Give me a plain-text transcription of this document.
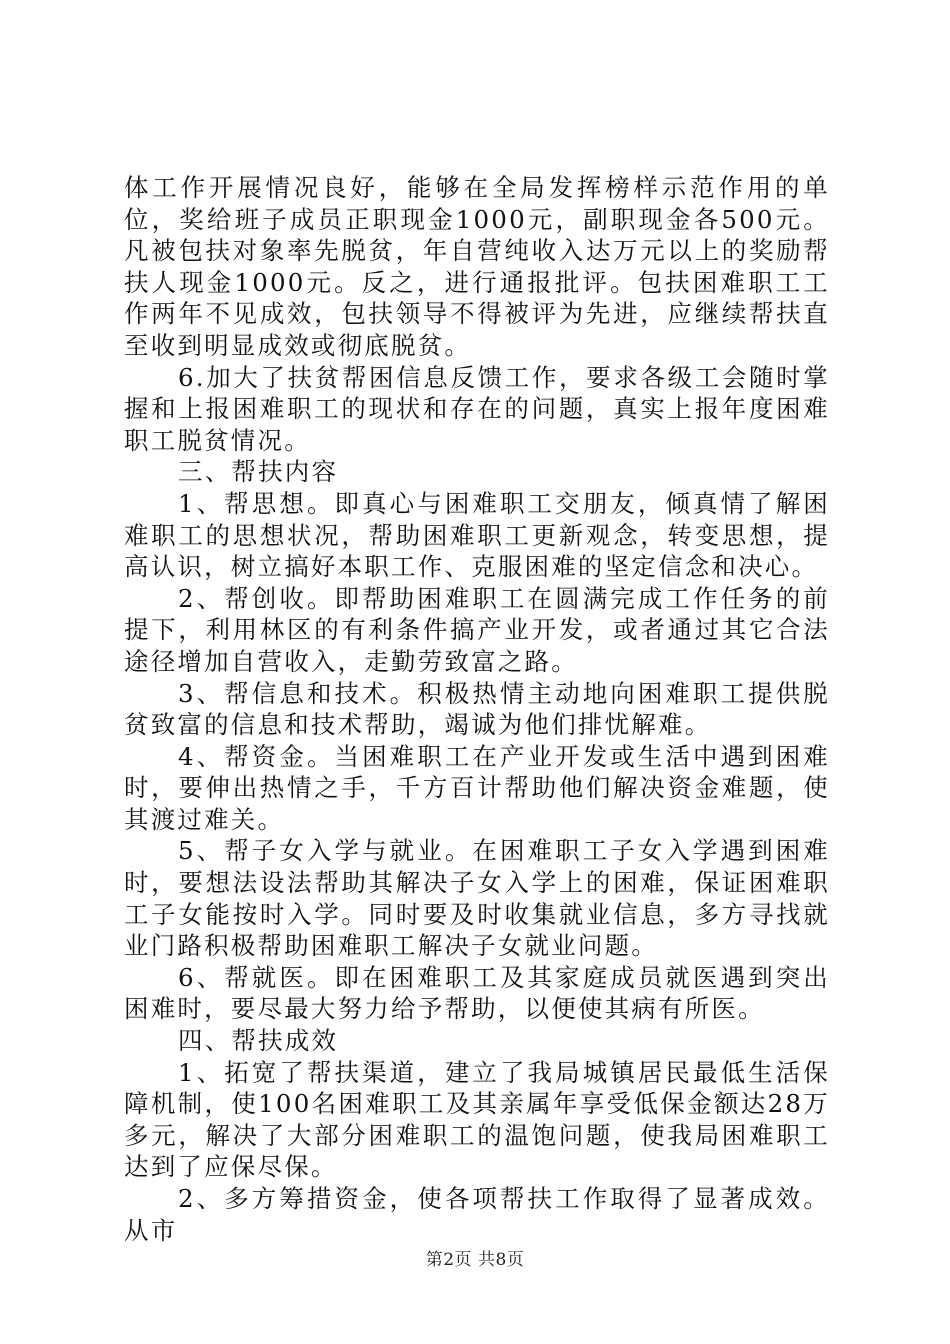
体工作开展情况良好，能够在全局发挥榜样示范作用的单位，奖给班子成员正职现金1000元，副职现金各500元。凡被包扶对象率先脱贫，年自营纯收入达万元以上的奖励帮扶人现金1000元。反之，进行通报批评。包扶困难职工工作两年不见成效，包扶领导不得被评为先进，应继续帮扶直至收到明显成效或彻底脱贫。

6.加大了扶贫帮困信息反馈工作，要求各级工会随时掌握和上报困难职工的现状和存在的问题，真实上报年度困难职工脱贫情况。

三、帮扶内容

1、帮思想。即真心与困难职工交朋友，倾真情了解困难职工的思想状况，帮助困难职工更新观念，转变思想，提高认识，树立搞好本职工作、克服困难的坚定信念和决心。

2、帮创收。即帮助困难职工在圆满完成工作任务的前提下，利用林区的有利条件搞产业开发，或者通过其它合法途径增加自营收入，走勤劳致富之路。

3、帮信息和技术。积极热情主动地向困难职工提供脱贫致富的信息和技术帮助，竭诚为他们排忧解难。

4、帮资金。当困难职工在产业开发或生活中遇到困难时，要伸出热情之手，千方百计帮助他们解决资金难题，使其渡过难关。

5、帮子女入学与就业。在困难职工子女入学遇到困难时，要想法设法帮助其解决子女入学上的困难，保证困难职工子女能按时入学。同时要及时收集就业信息，多方寻找就业门路积极帮助困难职工解决子女就业问题。

6、帮就医。即在困难职工及其家庭成员就医遇到突出困难时，要尽最大努力给予帮助，以便使其病有所医。

四、帮扶成效

1、拓宽了帮扶渠道，建立了我局城镇居民最低生活保障机制，使100名困难职工及其亲属年享受低保金额达28万多元，解决了大部分困难职工的温饱问题，使我局困难职工达到了应保尽保。

2、多方筹措资金，使各项帮扶工作取得了显著成效。从市

第2页 共8页
